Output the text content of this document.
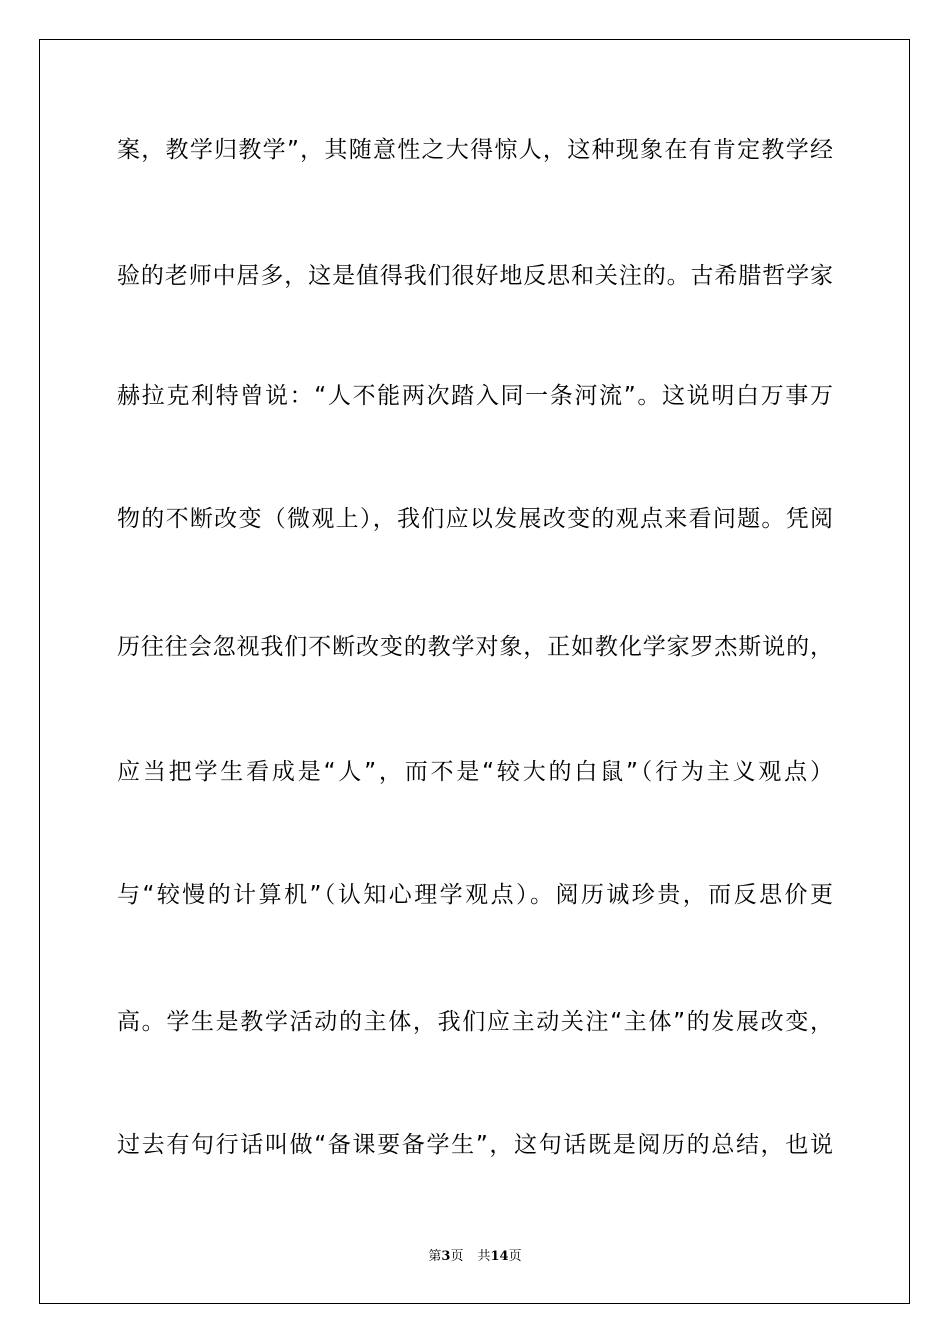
案，教学归教学”，其随意性之大得惊人，这种现象在有肯定教学经
验的老师中居多，这是值得我们很好地反思和关注的。古希腊哲学家
赫拉克利特曾说：“人不能两次踏入同一条河流”。这说明白万事万
物的不断改变（微观上），我们应以发展改变的观点来看问题。凭阅
历往往会忽视我们不断改变的教学对象，正如教化学家罗杰斯说的，
应当把学生看成是“人”，而不是“较大的白鼠”（行为主义观点）
与“较慢的计算机”（认知心理学观点）。阅历诚珍贵，而反思价更
高。学生是教学活动的主体，我们应主动关注“主体”的发展改变，
过去有句行话叫做“备课要备学生”，这句话既是阅历的总结，也说
第3页 共14页
